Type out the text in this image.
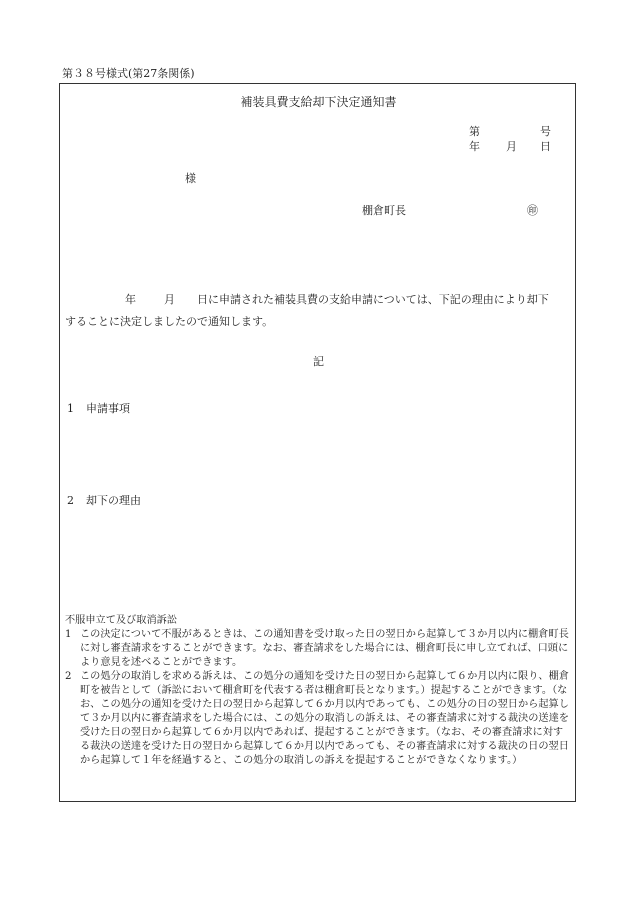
第３８号様式(第27条関係)
補装具費支給却下決定通知書
第	号
年 月 日
様
棚倉町長	㊞
年	月 日に申請された補装具費の支給申請については、下記の理由により却下
することに決定しましたので通知します。
記
1 申請事項
2 却下の理由
不服申立て及び取消訴訟
1 この決定について不服があるときは、この通知書を受け取った日の翌日から起算して３か月以内に棚倉町長に対し審査請求をすることができます。なお、審査請求をした場合には、棚倉町長に申し立てれば、口頭により意見を述べることができます。
2 この処分の取消しを求める訴えは、この処分の通知を受けた日の翌日から起算して６か月以内に限り、棚倉町を被告として（訴訟において棚倉町を代表する者は棚倉町長となります。）提起することができます。（なお、この処分の通知を受けた日の翌日から起算して６か月以内であっても、この処分の日の翌日から起算して３か月以内に審査請求をした場合には、この処分の取消しの訴えは、その審査請求に対する裁決の送達を受けた日の翌日から起算して６か月以内であれば、提起することができます。（なお、その審査請求に対する裁決の送達を受けた日の翌日から起算して６か月以内であっても、その審査請求に対する裁決の日の翌日から起算して１年を経過すると、この処分の取消しの訴えを提起することができなくなります。）
